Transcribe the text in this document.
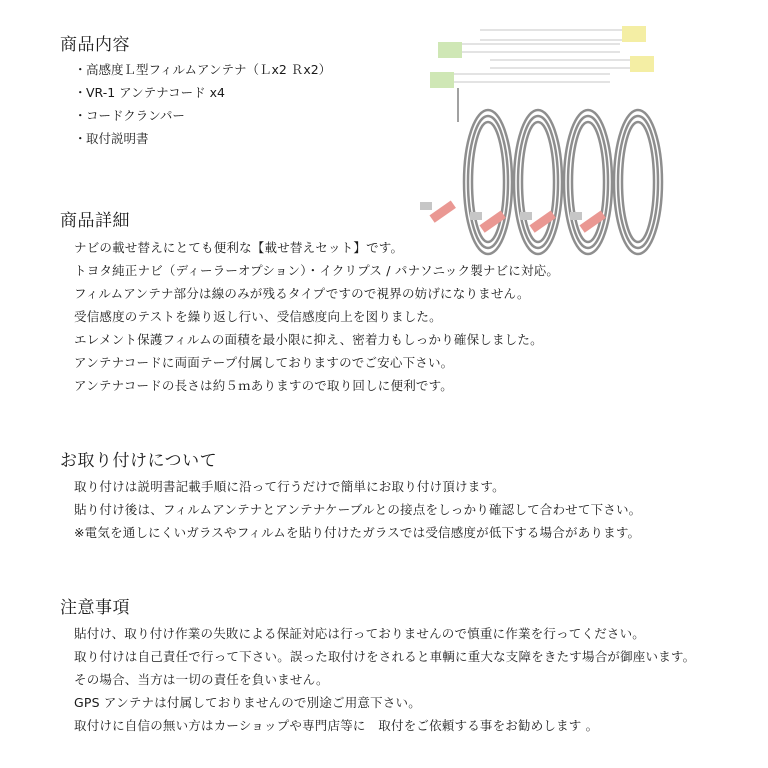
商品内容
・高感度Ｌ型フィルムアンテナ（Ｌx2 Ｒx2）
・VR-1 アンテナコード x4
・コードクランパー
・取付説明書
商品詳細
ナビの載せ替えにとても便利な【載せ替えセット】です。
トヨタ純正ナビ（ディーラーオプション）・イクリプス / パナソニック製ナビに対応。
フィルムアンテナ部分は線のみが残るタイプですので視界の妨げになりません。
受信感度のテストを繰り返し行い、受信感度向上を図りました。
エレメント保護フィルムの面積を最小限に抑え、密着力もしっかり確保しました。
アンテナコードに両面テープ付属しておりますのでご安心下さい。
アンテナコードの長さは約５ｍありますので取り回しに便利です。
お取り付けについて
取り付けは説明書記載手順に沿って行うだけで簡単にお取り付け頂けます。
貼り付け後は、フィルムアンテナとアンテナケーブルとの接点をしっかり確認して合わせて下さい。
※電気を通しにくいガラスやフィルムを貼り付けたガラスでは受信感度が低下する場合があります。
注意事項
貼付け、取り付け作業の失敗による保証対応は行っておりませんので慎重に作業を行ってください。
取り付けは自己責任で行って下さい。誤った取付けをされると車輌に重大な支障をきたす場合が御座います。
その場合、当方は一切の責任を負いません。
GPS アンテナは付属しておりませんので別途ご用意下さい。
取付けに自信の無い方はカーショップや専門店等に　取付をご依頼する事をお勧めします 。
